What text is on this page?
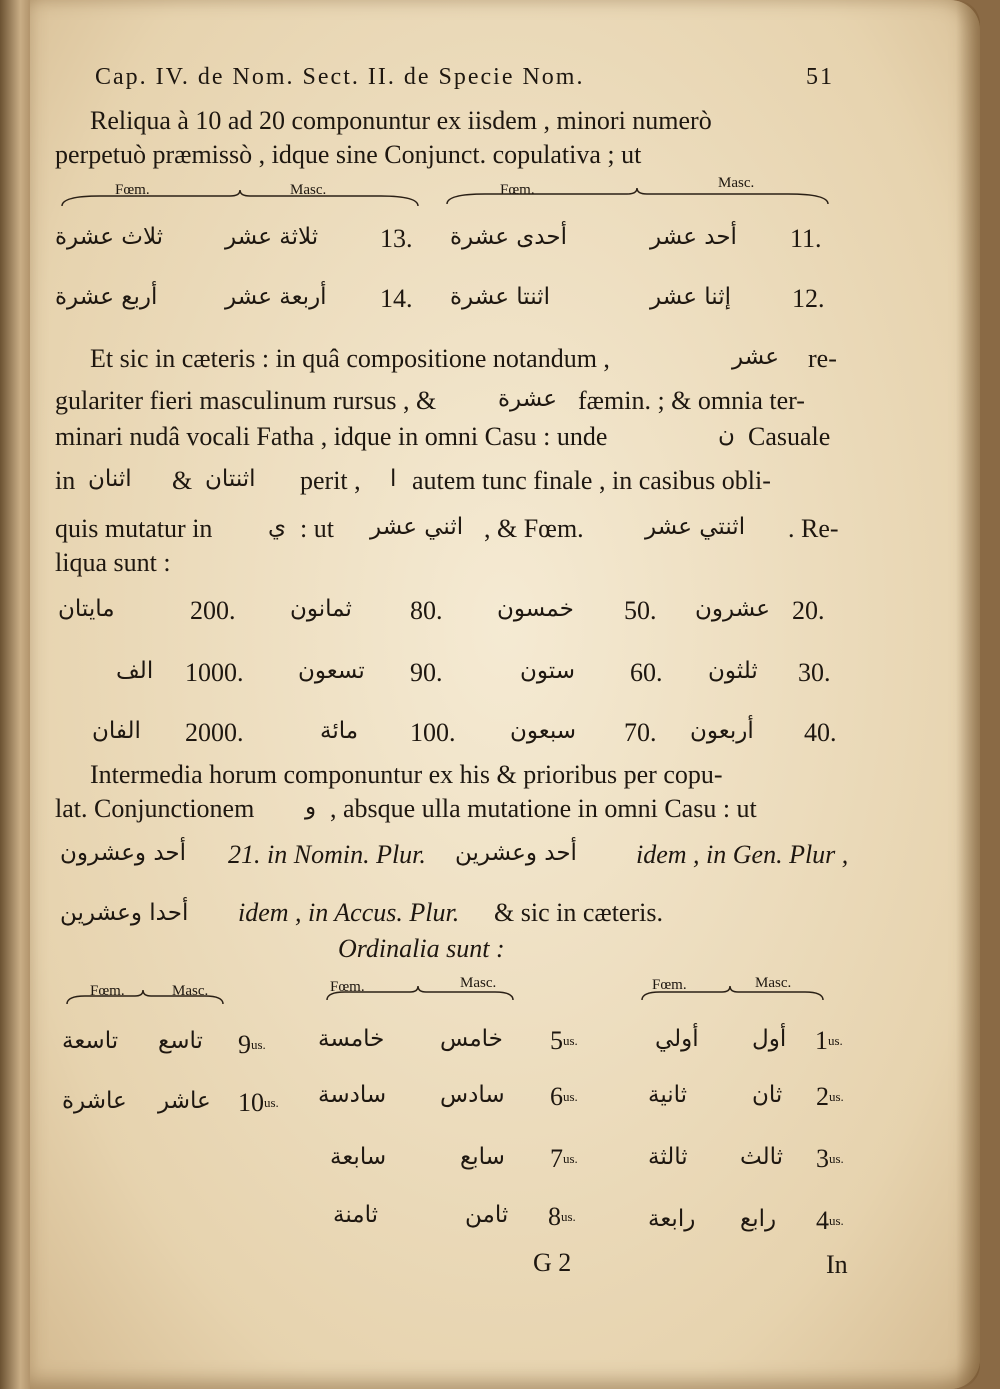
Cap. IV. de Nom. Sect. II. de Specie Nom.	51
Reliqua à 10 ad 20 componuntur ex iisdem , minori numerò
perpetuò præmissò , idque sine Conjunct. copulativa ; ut
Fœm.	Masc.	Fœm.	Masc.
ثلاث عشرة	ثلاثة عشر 13. أحدى عشرة	أحد عشر 11.
أربع عشرة	أربعة عشر 14. اثنتا عشرة	إثنا عشر 12.
Et sic in cæteris : in quâ compositione notandum ,	عشر re-
gulariter fieri masculinum rursus , &	عشرة fæmin. ; & omnia ter-
minari nudâ vocali Fatha , idque in omni Casu : unde	ن Casuale
in اثنان & اثنتان perit , ا autem tunc finale , in casibus obli-
quis mutatur in ي : ut اثني عشر , & Fœm.	اثنتي عشر . Re-
liqua sunt :
مايتان	200. ثمانون 80. خمسون 50. عشرون 20.
الف 1000. تسعون 90.	ستون 60. ثلثون 30.
الفان 2000.	مائة 100. سبعون 70. أربعون 40.
Intermedia horum componuntur ex his & prioribus per copu-
lat. Conjunctionem و , absque ulla mutatione in omni Casu : ut
أحد وعشرون 21. in Nomin. Plur. أحد وعشرين idem , in Gen. Plur ,
أحدا وعشرين idem , in Accus. Plur. & sic in cæteris.
Ordinalia sunt :
Fœm.	Masc.	Fœm.	Masc.	Fœm.	Masc.
تاسعة تاسع $9^{us.}$
عاشرة عاشر $10^{us.}$
خامسة خامس $5^{us.}$
سادسة سادس $6^{us.}$
سابعة	سابع $7^{us.}$
ثامنة	ثامن $8^{us.}$
أولي أول $1^{us.}$
ثانية	ثان $2^{us.}$
ثالثة ثالث $3^{us.}$
رابعة رابع $4^{us.}$
G 2	In
